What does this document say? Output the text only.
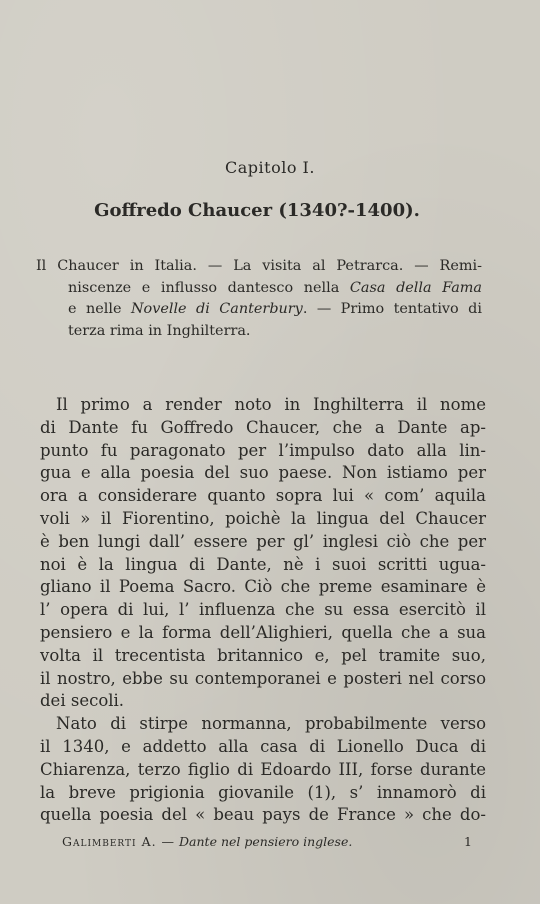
Capitolo I.
Goffredo Chaucer (1340?-1400).
Il Chaucer in Italia. — La visita al Petrarca. — Remi-
niscenze e influsso dantesco nella Casa della Fama
e nelle Novelle di Canterbury. — Primo tentativo di
terza rima in Inghilterra.
Il primo a render noto in Inghilterra il nome
di Dante fu Goffredo Chaucer, che a Dante ap-
punto fu paragonato per l’impulso dato alla lin-
gua e alla poesia del suo paese. Non istiamo per
ora a considerare quanto sopra lui « com’ aquila
voli » il Fiorentino, poichè la lingua del Chaucer
è ben lungi dall’ essere per gl’ inglesi ciò che per
noi è la lingua di Dante, nè i suoi scritti ugua-
gliano il Poema Sacro. Ciò che preme esaminare è
l’ opera di lui, l’ influenza che su essa esercitò il
pensiero e la forma dell’Alighieri, quella che a sua
volta il trecentista britannico e, pel tramite suo,
il nostro, ebbe su contemporanei e posteri nel corso
dei secoli.
Nato di stirpe normanna, probabilmente verso
il 1340, e addetto alla casa di Lionello Duca di
Chiarenza, terzo figlio di Edoardo III, forse durante
la breve prigionia giovanile (1), s’ innamorò di
quella poesia del « beau pays de France » che do-
Galimberti A. — Dante nel pensiero inglese.	1
